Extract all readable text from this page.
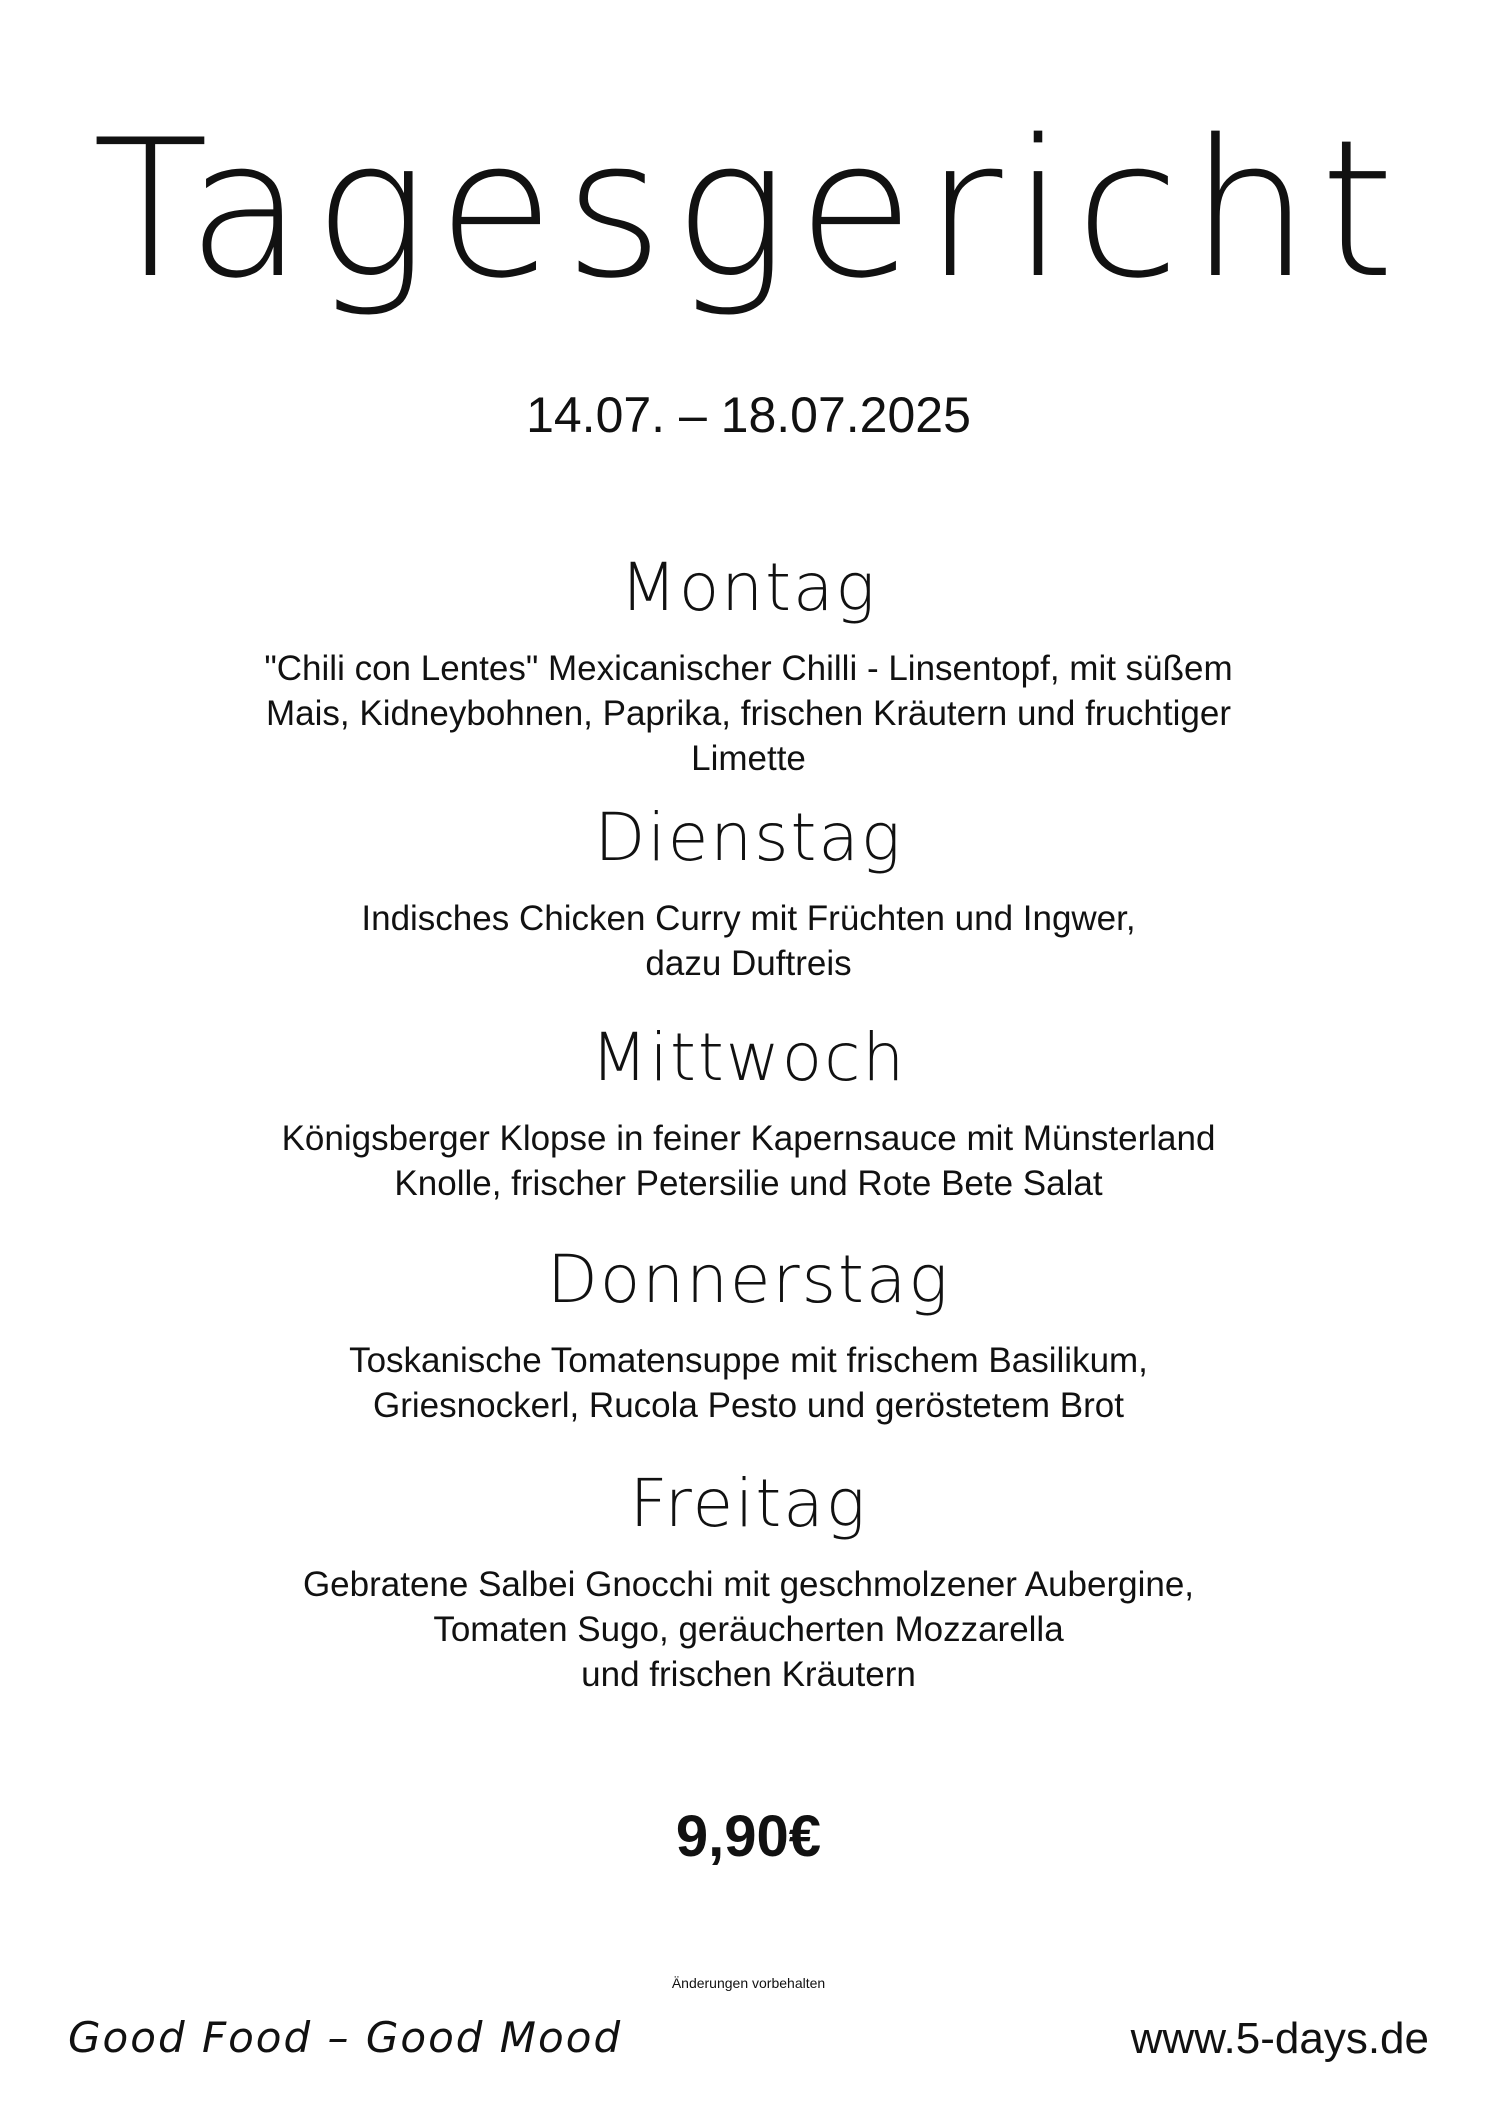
Tagesgericht
14.07. – 18.07.2025
Montag
"Chili con Lentes" Mexicanischer Chilli - Linsentopf, mit süßem
Mais, Kidneybohnen, Paprika, frischen Kräutern und fruchtiger
Limette
Dienstag
Indisches Chicken Curry mit Früchten und Ingwer,
dazu Duftreis
Mittwoch
Königsberger Klopse in feiner Kapernsauce mit Münsterland
Knolle, frischer Petersilie und Rote Bete Salat
Donnerstag
Toskanische Tomatensuppe mit frischem Basilikum,
Griesnockerl, Rucola Pesto und geröstetem Brot
Freitag
Gebratene Salbei Gnocchi mit geschmolzener Aubergine,
Tomaten Sugo, geräucherten Mozzarella
und frischen Kräutern
9,90€
Änderungen vorbehalten
Good Food – Good Mood	www.5-days.de
